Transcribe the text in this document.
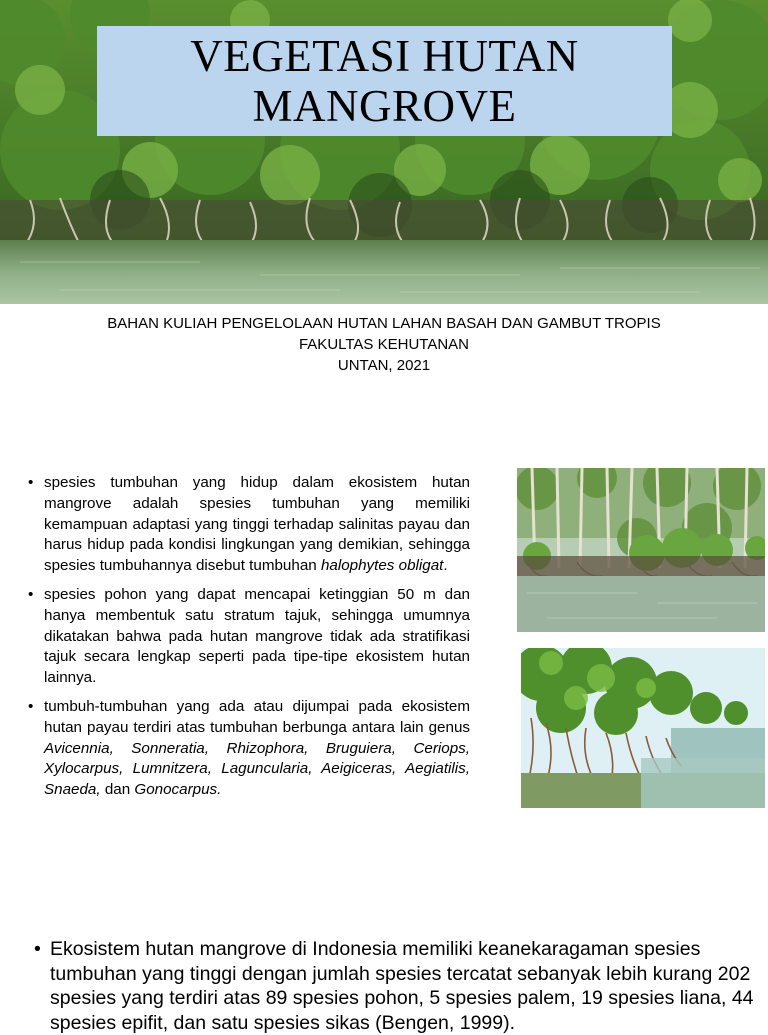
VEGETASI HUTAN
MANGROVE
BAHAN KULIAH PENGELOLAAN HUTAN LAHAN BASAH DAN GAMBUT TROPIS
FAKULTAS KEHUTANAN
UNTAN, 2021
• spesies tumbuhan yang hidup dalam ekosistem hutan mangrove adalah spesies tumbuhan yang memiliki kemampuan adaptasi yang tinggi terhadap salinitas payau dan harus hidup pada kondisi lingkungan yang demikian, sehingga spesies tumbuhannya disebut tumbuhan halophytes obligat.
• spesies pohon yang dapat mencapai ketinggian 50 m dan hanya membentuk satu stratum tajuk, sehingga umumnya dikatakan bahwa pada hutan mangrove tidak ada stratifikasi tajuk secara lengkap seperti pada tipe-tipe ekosistem hutan lainnya.
• tumbuh-tumbuhan yang ada atau dijumpai pada ekosistem hutan payau terdiri atas tumbuhan berbunga antara lain genus Avicennia, Sonneratia, Rhizophora, Bruguiera, Ceriops, Xylocarpus, Lumnitzera, Laguncularia, Aeigiceras, Aegiatilis, Snaeda, dan Gonocarpus.
• Ekosistem hutan mangrove di Indonesia memiliki keanekaragaman spesies tumbuhan yang tinggi dengan jumlah spesies tercatat sebanyak lebih kurang 202 spesies yang terdiri atas 89 spesies pohon, 5 spesies palem, 19 spesies liana, 44 spesies epifit, dan satu spesies sikas (Bengen, 1999).
